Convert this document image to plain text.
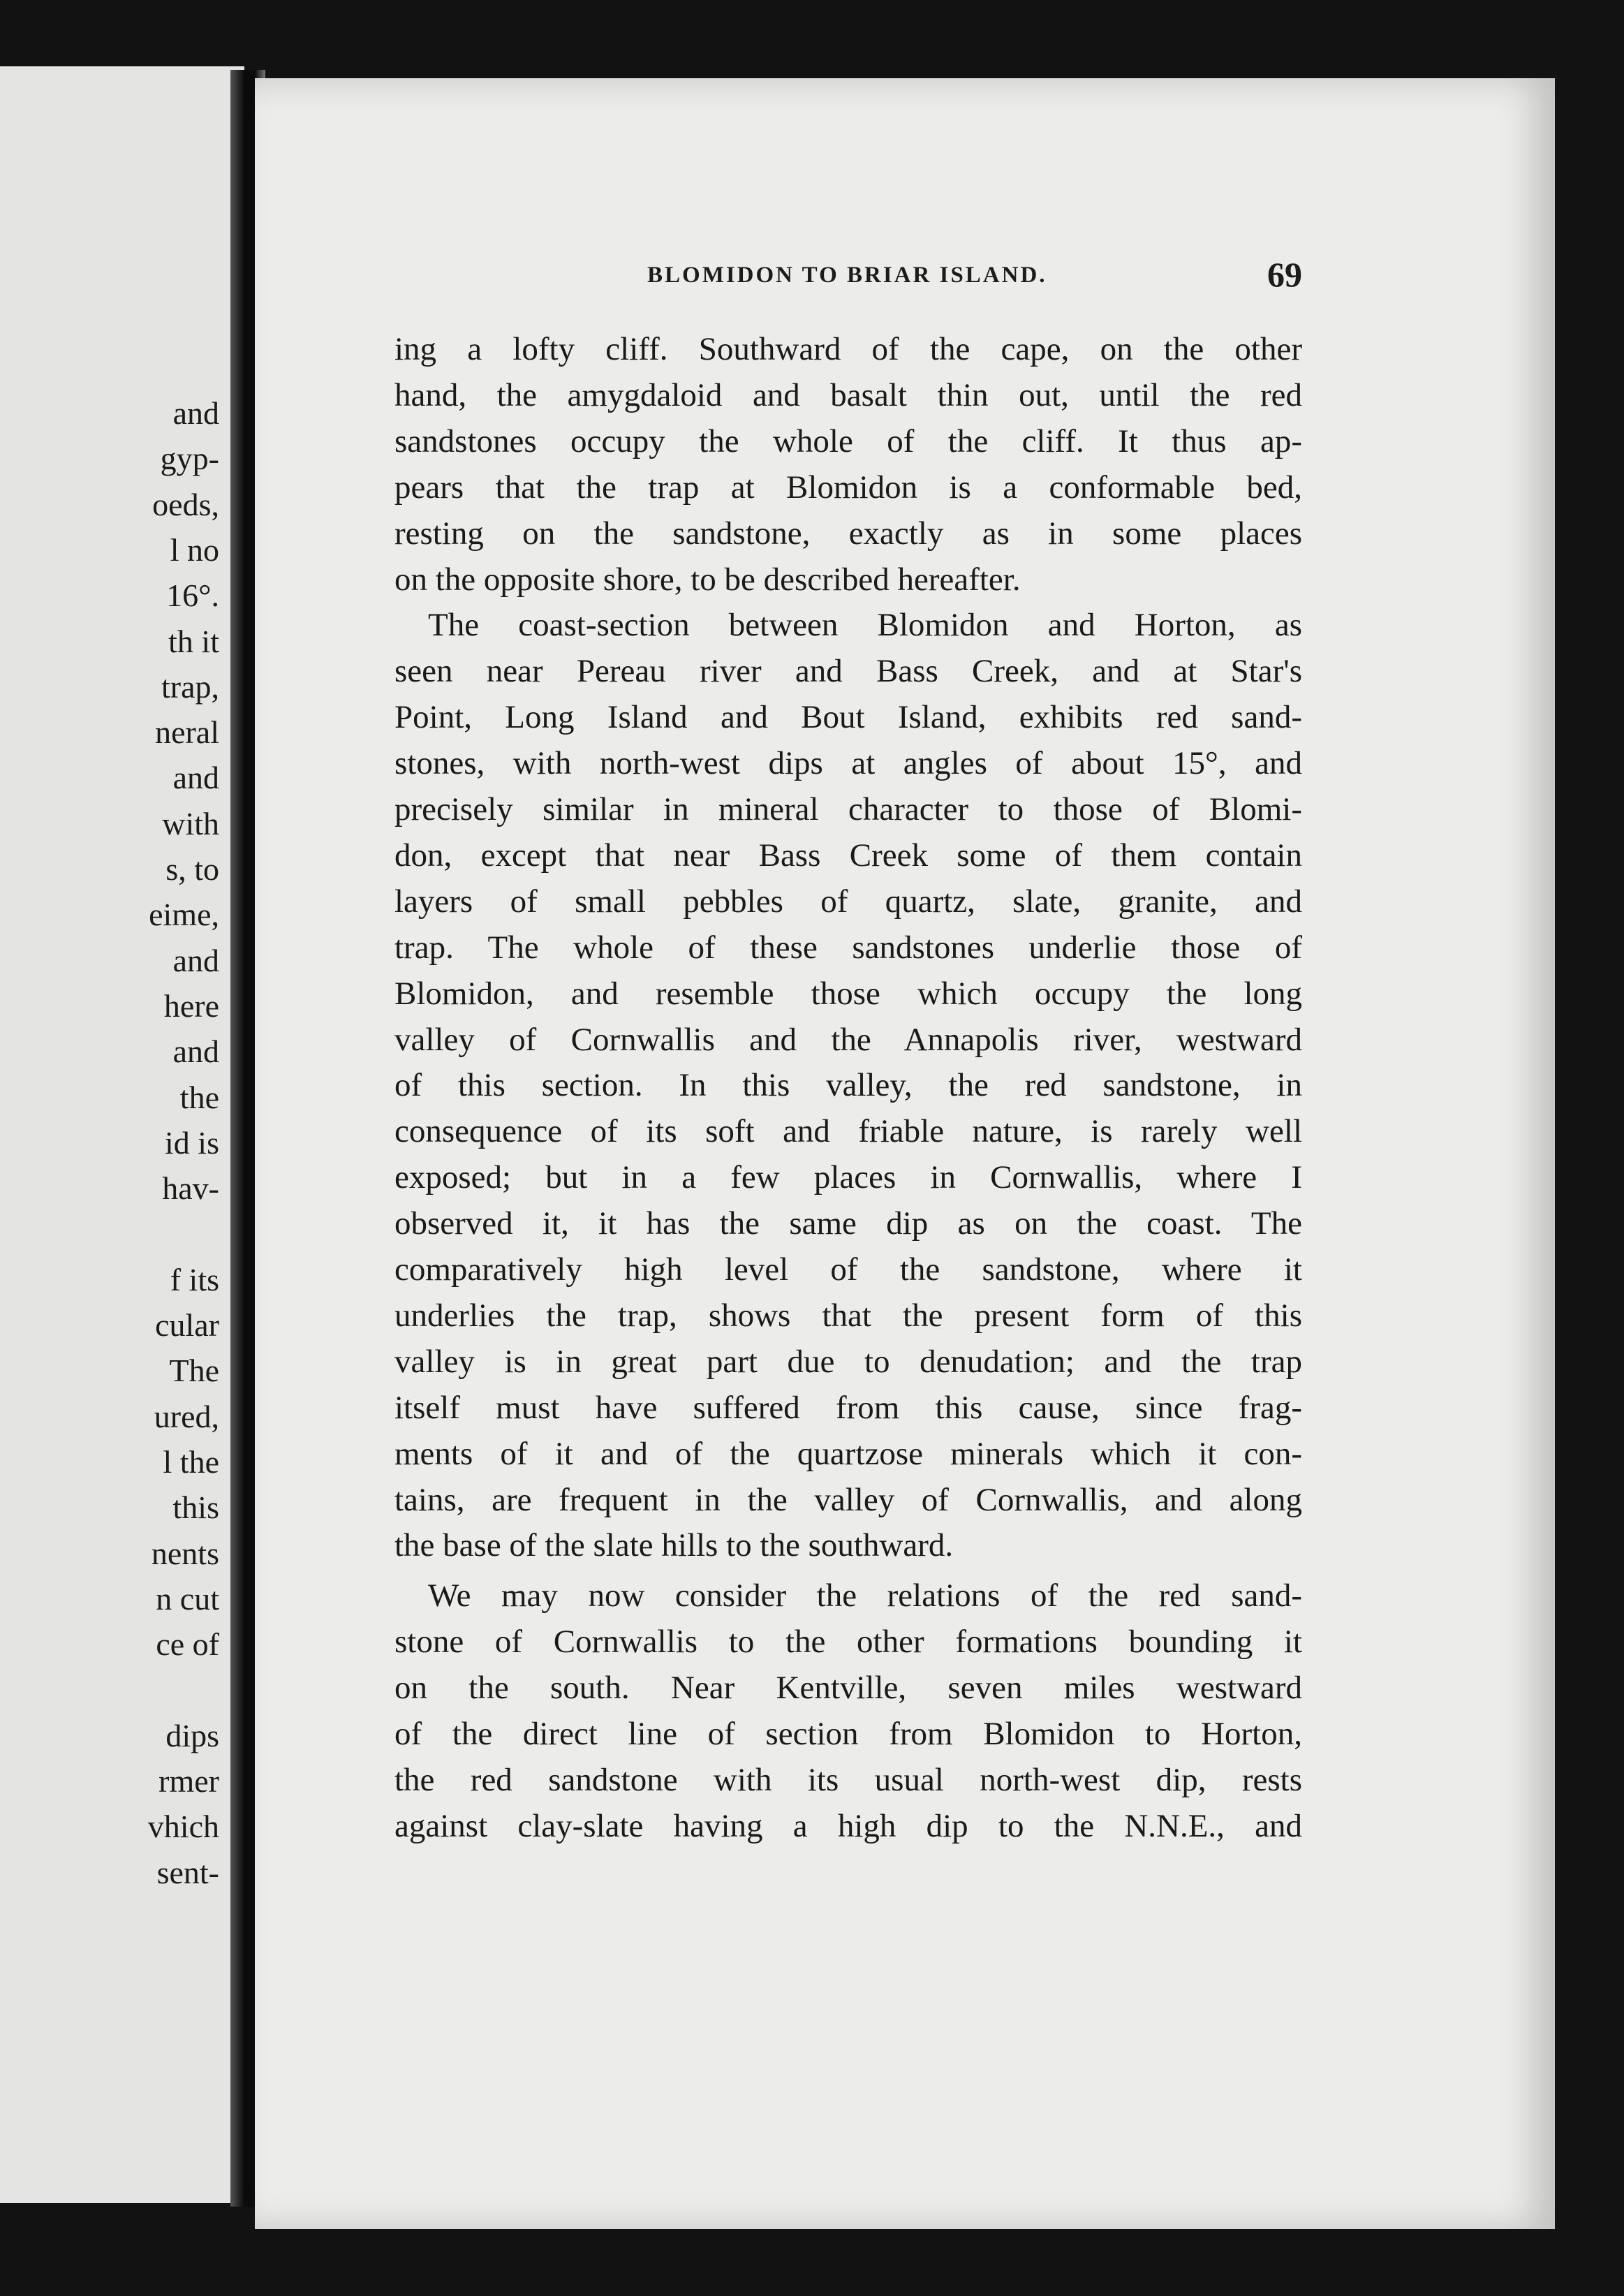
and
gyp-
oeds,
l no
16°.
th it
trap,
neral
and
with
s, to
eime,
and
here
and
the
id is
hav-
f its
cular
The
ured,
l the
this
nents
n cut
ce of
dips
rmer
vhich
sent-
BLOMIDON TO BRIAR ISLAND.	69
ing a lofty cliff. Southward of the cape, on the other
hand, the amygdaloid and basalt thin out, until the red
sandstones occupy the whole of the cliff. It thus ap-
pears that the trap at Blomidon is a conformable bed,
resting on the sandstone, exactly as in some places
on the opposite shore, to be described hereafter.
The coast-section between Blomidon and Horton, as
seen near Pereau river and Bass Creek, and at Star's
Point, Long Island and Bout Island, exhibits red sand-
stones, with north-west dips at angles of about 15°, and
precisely similar in mineral character to those of Blomi-
don, except that near Bass Creek some of them contain
layers of small pebbles of quartz, slate, granite, and
trap. The whole of these sandstones underlie those of
Blomidon, and resemble those which occupy the long
valley of Cornwallis and the Annapolis river, westward
of this section. In this valley, the red sandstone, in
consequence of its soft and friable nature, is rarely well
exposed; but in a few places in Cornwallis, where I
observed it, it has the same dip as on the coast. The
comparatively high level of the sandstone, where it
underlies the trap, shows that the present form of this
valley is in great part due to denudation; and the trap
itself must have suffered from this cause, since frag-
ments of it and of the quartzose minerals which it con-
tains, are frequent in the valley of Cornwallis, and along
the base of the slate hills to the southward.
We may now consider the relations of the red sand-
stone of Cornwallis to the other formations bounding it
on the south. Near Kentville, seven miles westward
of the direct line of section from Blomidon to Horton,
the red sandstone with its usual north-west dip, rests
against clay-slate having a high dip to the N.N.E., and
